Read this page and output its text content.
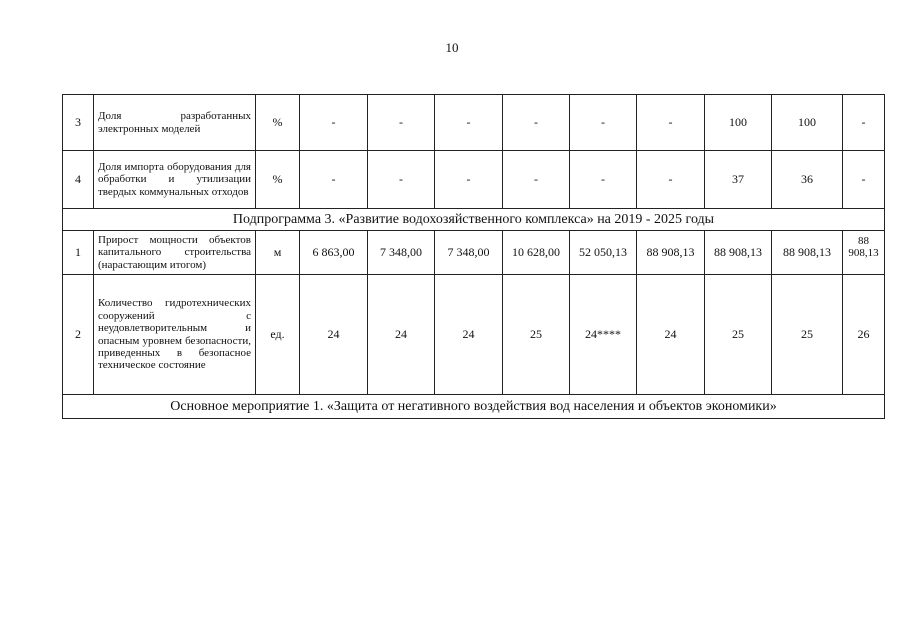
10
3	Доля разработанных электронных моделей	%	-	-	-	-	-	-	100	100	-
4	Доля импорта оборудования для обработки и утилизации твердых коммунальных отходов	%	-	-	-	-	-	-	37	36	-
Подпрограмма 3. «Развитие водохозяйственного комплекса» на 2019 - 2025 годы											
1	Прирост мощности объектов капитального строительства (нарастающим итогом)	м	6 863,00	7 348,00	7 348,00	10 628,00	52 050,13	88 908,13	88 908,13	88 908,13	88 908,13
2	Количество гидротехнических сооружений с неудовлетворительным и опасным уровнем безопасности, приведенных в безопасное техническое состояние	ед.	24	24	24	25	24****	24	25	25	26
Основное мероприятие 1. «Защита от негативного воздействия вод населения и объектов экономики»											
